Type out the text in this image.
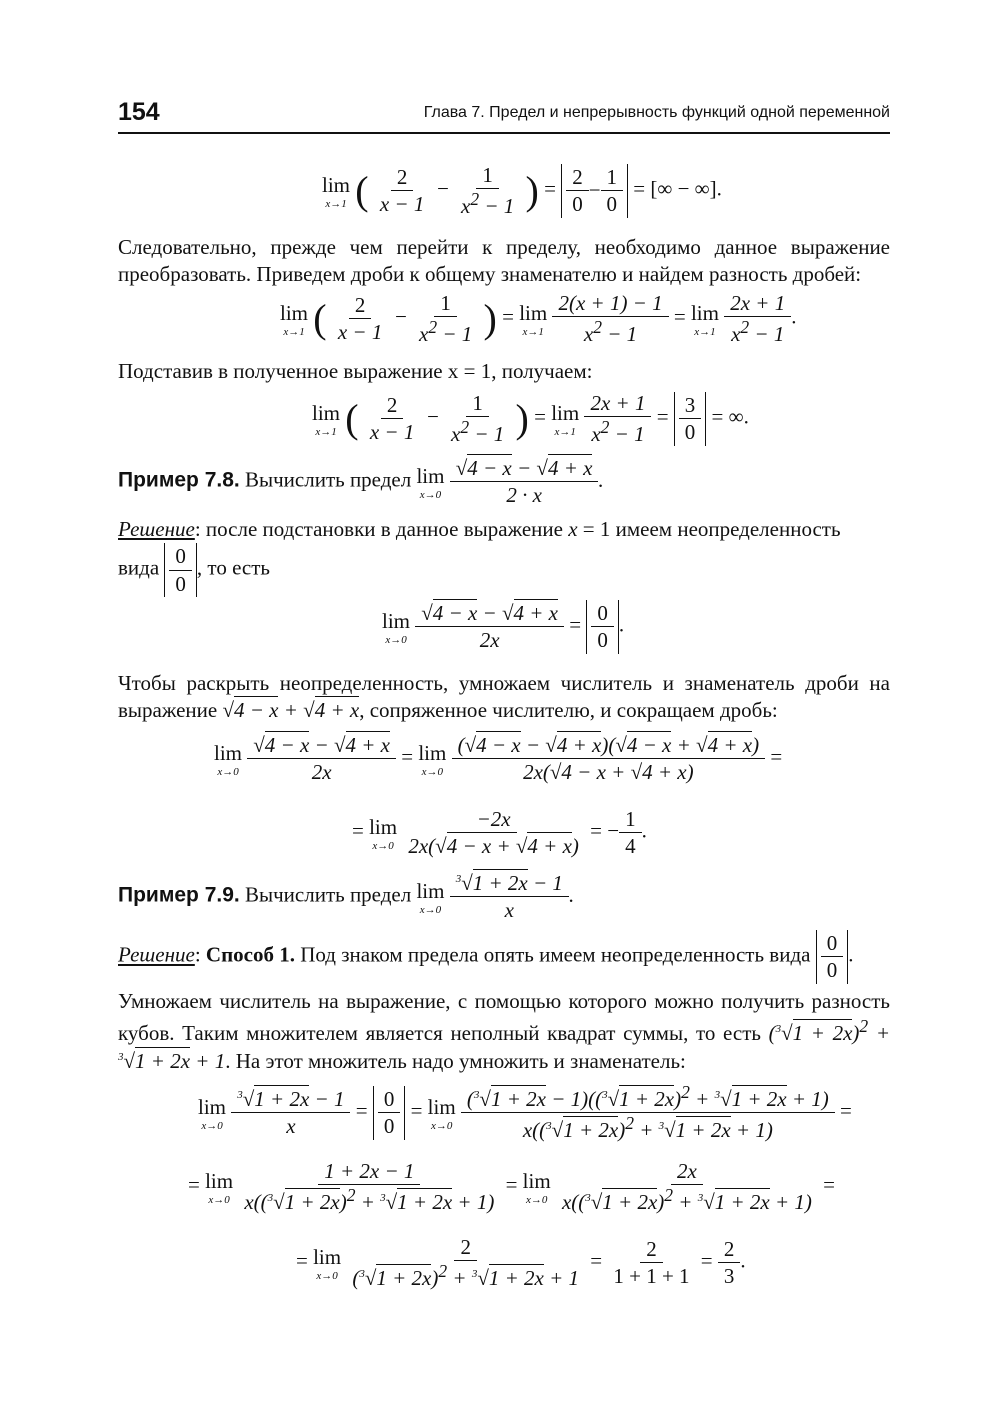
154	Глава 7. Предел и непрерывность функций одной переменной
lim
x→1 ( $\frac{2}{x - 1} - \frac{1}{x^2 - 1}$ ) = $\frac{2}{0} - \frac{1}{0}$ = [∞ − ∞].
Следовательно, прежде чем перейти к пределу, необходимо данное выражение преобразовать. Приведем дроби к общему знаменателю и найдем разность дробей:
lim
x→1 ( $\frac{2}{x - 1} - \frac{1}{x^2 - 1}$ ) = lim
x→1
$\frac{2(x + 1) - 1}{x^2 - 1} = \lim$
x→1
$\frac{2x + 1}{x^2 - 1}$ .
Подставив в полученное выражение x = 1, получаем:
lim
x→1 ( $\frac{2}{x - 1} - \frac{1}{x^2 - 1}$ ) = lim
x→1
$\frac{2x + 1}{x^2 - 1} = \frac{3}{0}$ = ∞.
Пример 7.8. Вычислить предел lim
x→0
$\frac{√4 - x - √4 + x}{2 \cdot x}$ .
Решение: после подстановки в данное выражение x = 1 имеем неопределенность
вида $\frac{0}{0}$ , то есть
lim
x→0
$\frac{√4 - x - √4 + x}{2x} = \frac{0}{0}$ .
Чтобы раскрыть неопределенность, умножаем числитель и знаменатель дроби на выражение √4 − x + √4 + x, сопряженное числителю, и сокращаем дробь:
lim
x→0
$\frac{√4 - x - √4 + x}{2x} = \lim$
x→0
$\frac{(√4 - x - √4 + x)(√4 - x + √4 + x)}{2x(√4 - x + √4 + x)}$ =
= lim
x→0
$\frac{-2x}{2x(√4 - x + √4 + x)}$ = − $\frac{1}{4}$ .
Пример 7.9. Вычислить предел lim
x→0
$\frac{^3√1 + 2x - 1}{x}$ .
Решение: Способ 1. Под знаком предела опять имеем неопределенность вида $\frac{0}{0}$ .
Умножаем числитель на выражение, с помощью которого можно получить разность кубов. Таким множителем является неполный квадрат суммы, то есть $(^3√1 + 2x)^2 + ^3√1 + 2x + 1$. На этот множитель надо умножить и знаменатель:
lim
x→0
$\frac{^3√1 + 2x - 1}{x} = \frac{0}{0} = \lim$
x→0
$\frac{(^3√1 + 2x - 1)((^3√1 + 2x)^2 + ^3√1 + 2x + 1)}{x((^3√1 + 2x)^2 + ^3√1 + 2x + 1)}$ =
= lim
x→0
$\frac{1 + 2x - 1}{x((^3√1 + 2x)^2 + ^3√1 + 2x + 1)} = \lim$
x→0
$\frac{2x}{x((^3√1 + 2x)^2 + ^3√1 + 2x + 1)}$ =
= lim
x→0
$\frac{2}{(^3√1 + 2x)^2 + ^3√1 + 2x + 1} = \frac{2}{1 + 1 + 1} = \frac{2}{3}$ .
